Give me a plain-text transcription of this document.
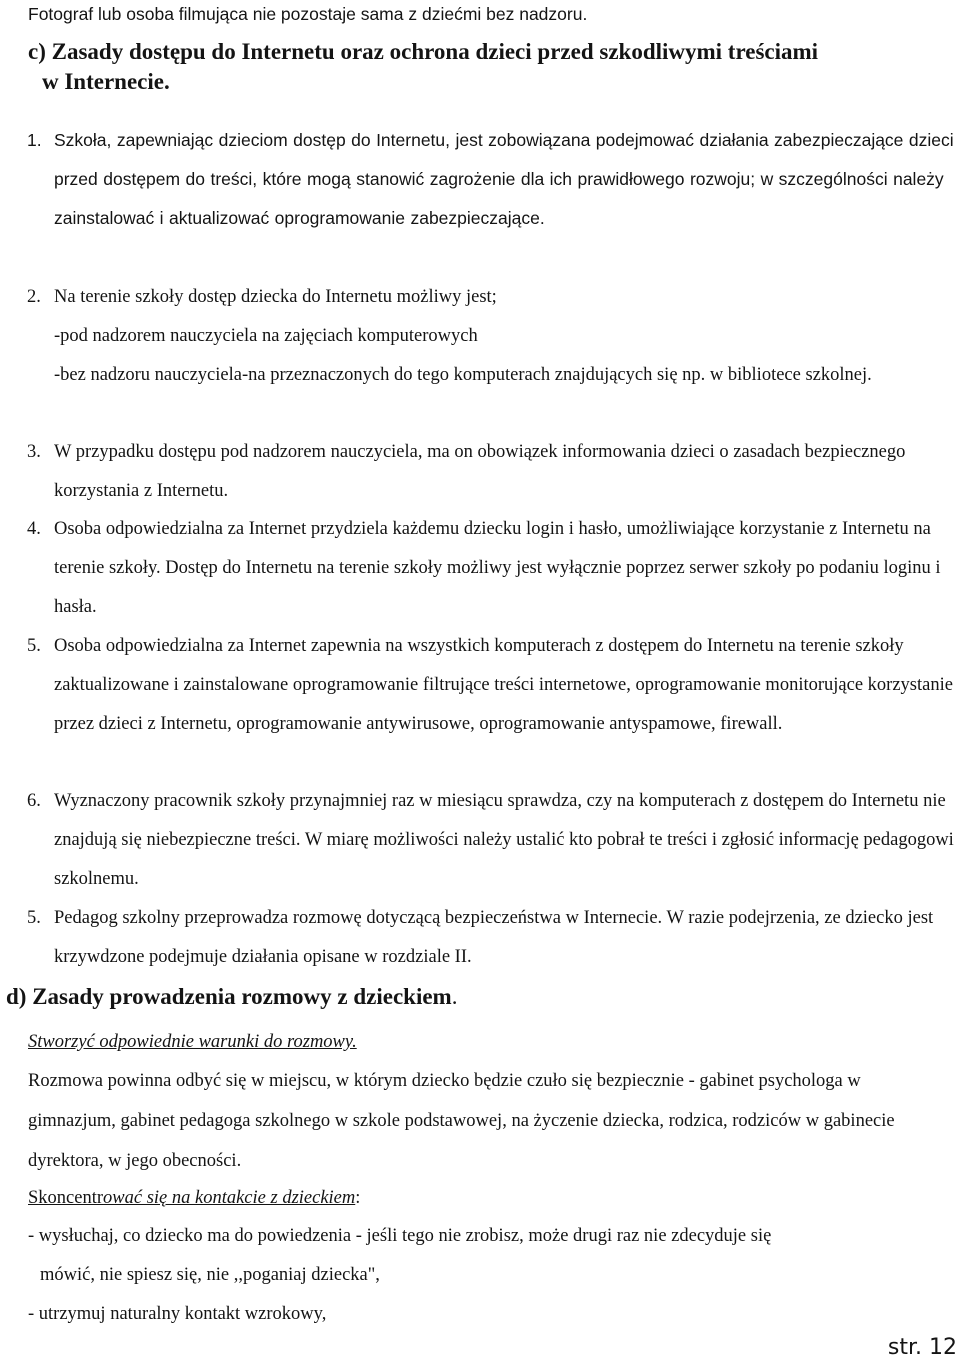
Fotograf lub osoba filmująca nie pozostaje sama z dziećmi bez nadzoru.
c) Zasady dostępu do Internetu oraz ochrona dzieci przed szkodliwymi treściami
w Internecie.
1. Szkoła, zapewniając dzieciom dostęp do Internetu, jest zobowiązana podejmować działania zabezpieczające dzieci przed dostępem do treści, które mogą stanowić zagrożenie dla ich prawidłowego rozwoju; w szczególności należy zainstalować i aktualizować oprogramowanie zabezpieczające.
2. Na terenie szkoły dostęp dziecka do Internetu możliwy jest;
-pod nadzorem nauczyciela na zajęciach komputerowych
-bez nadzoru nauczyciela-na przeznaczonych do tego komputerach znajdujących się np. w bibliotece szkolnej.
3. W przypadku dostępu pod nadzorem nauczyciela, ma on obowiązek informowania dzieci o zasadach bezpiecznego korzystania z Internetu.
4. Osoba odpowiedzialna za Internet przydziela każdemu dziecku login i hasło, umożliwiające korzystanie z Internetu na terenie szkoły. Dostęp do Internetu na terenie szkoły możliwy jest wyłącznie poprzez serwer szkoły po podaniu loginu i hasła.
5. Osoba odpowiedzialna za Internet zapewnia na wszystkich komputerach z dostępem do Internetu na terenie szkoły zaktualizowane i zainstalowane oprogramowanie filtrujące treści internetowe, oprogramowanie monitorujące korzystanie przez dzieci z Internetu, oprogramowanie antywirusowe, oprogramowanie antyspamowe, firewall.
6. Wyznaczony pracownik szkoły przynajmniej raz w miesiącu sprawdza, czy na komputerach z dostępem do Internetu nie znajdują się niebezpieczne treści. W miarę możliwości należy ustalić kto pobrał te treści i zgłosić informację pedagogowi szkolnemu.
5. Pedagog szkolny przeprowadza rozmowę dotyczącą bezpieczeństwa w Internecie. W razie podejrzenia, ze dziecko jest krzywdzone podejmuje działania opisane w rozdziale II.
d) Zasady prowadzenia rozmowy z dzieckiem.
Stworzyć odpowiednie warunki do rozmowy.
Rozmowa powinna odbyć się w miejscu, w którym dziecko będzie czuło się bezpiecznie - gabinet psychologa w gimnazjum, gabinet pedagoga szkolnego w szkole podstawowej, na życzenie dziecka, rodzica, rodziców w gabinecie dyrektora, w jego obecności.
Skoncentrować się na kontakcie z dzieckiem:
- wysłuchaj, co dziecko ma do powiedzenia - jeśli tego nie zrobisz, może drugi raz nie zdecyduje się
mówić, nie spiesz się, nie ,,poganiaj dziecka",
- utrzymuj naturalny kontakt wzrokowy,
str. 12
